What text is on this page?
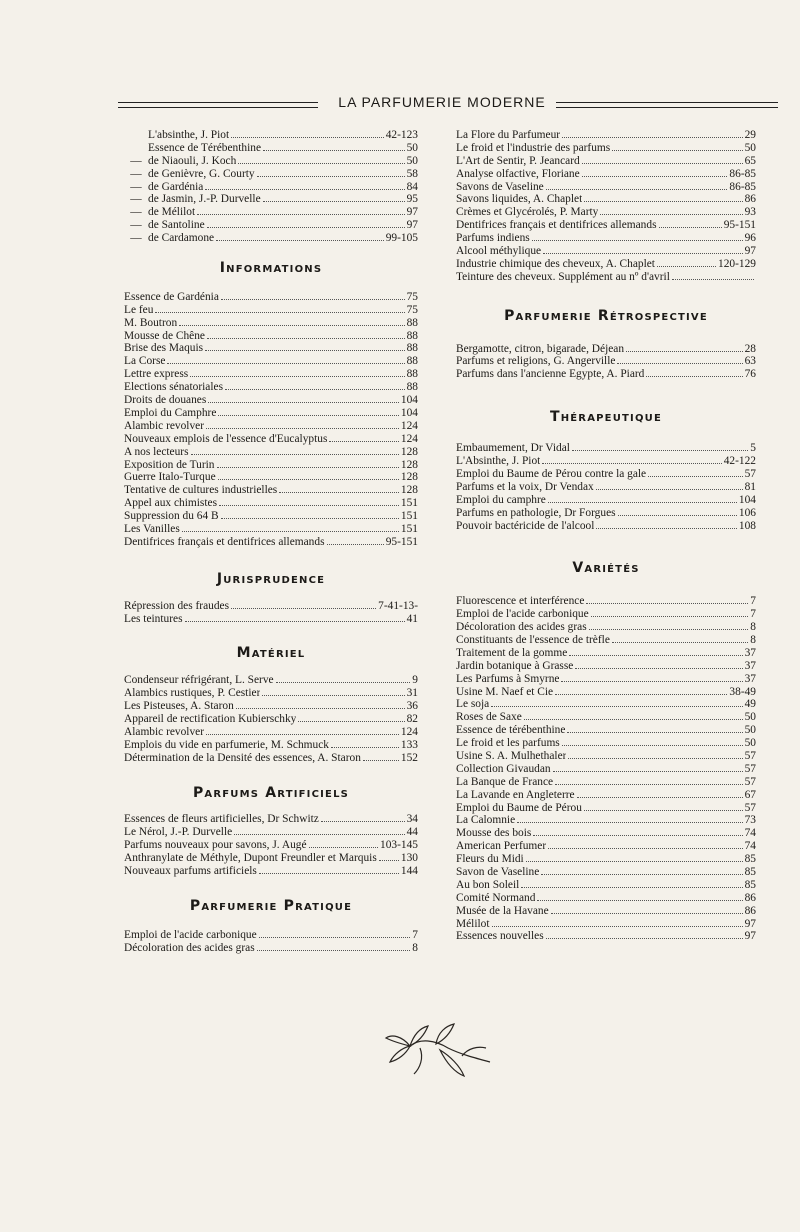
LA PARFUMERIE MODERNE
L'absinthe, J. Piot	42-123
Essence de Térébenthine	50
— de Niaouli, J. Koch	50
— de Genièvre, G. Courty	58
— de Gardénia	84
— de Jasmin, J.-P. Durvelle	95
— de Mélilot	97
— de Santoline	97
— de Cardamone	99-105
Informations
Essence de Gardénia	75
Le feu	75
M. Boutron	88
Mousse de Chêne	88
Brise des Maquis	88
La Corse	88
Lettre express	88
Elections sénatoriales	88
Droits de douanes	104
Emploi du Camphre	104
Alambic revolver	124
Nouveaux emplois de l'essence d'Eucalyptus	124
A nos lecteurs	128
Exposition de Turin	128
Guerre Italo-Turque	128
Tentative de cultures industrielles	128
Appel aux chimistes	151
Suppression du 64 B	151
Les Vanilles	151
Dentifrices français et dentifrices allemands	95-151
Jurisprudence
Répression des fraudes	7-41-13-
Les teintures	41
Matériel
Condenseur réfrigérant, L. Serve	9
Alambics rustiques, P. Cestier	31
Les Pisteuses, A. Staron	36
Appareil de rectification Kubierschky	82
Alambic revolver	124
Emplois du vide en parfumerie, M. Schmuck	133
Détermination de la Densité des essences, A. Staron	152
Parfums Artificiels
Essences de fleurs artificielles, Dr Schwitz	34
Le Nérol, J.-P. Durvelle	44
Parfums nouveaux pour savons, J. Augé	103-145
Anthranylate de Méthyle, Dupont Freundler et Marquis 130
Nouveaux parfums artificiels	144
Parfumerie Pratique
Emploi de l'acide carbonique	7
Décoloration des acides gras	8
La Flore du Parfumeur	29
Le froid et l'industrie des parfums	50
L'Art de Sentir, P. Jeancard	65
Analyse olfactive, Floriane	86-85
Savons de Vaseline	86-85
Savons liquides, A. Chaplet	86
Crèmes et Glycérolés, P. Marty	93
Dentifrices français et dentifrices allemands	95-151
Parfums indiens	96
Alcool méthylique	97
Industrie chimique des cheveux, A. Chaplet	120-129
Teinture des cheveux. Supplément au nº d'avril
Parfumerie Rétrospective
Bergamotte, citron, bigarade, Déjean	28
Parfums et religions, G. Angerville	63
Parfums dans l'ancienne Egypte, A. Piard	76
Thérapeutique
Embaumement, Dr Vidal	5
L'Absinthe, J. Piot	42-122
Emploi du Baume de Pérou contre la gale	57
Parfums et la voix, Dr Vendax	81
Emploi du camphre	104
Parfums en pathologie, Dr Forgues	106
Pouvoir bactéricide de l'alcool	108
Variétés
Fluorescence et interférence	7
Emploi de l'acide carbonique	7
Décoloration des acides gras	8
Constituants de l'essence de trèfle	8
Traitement de la gomme	37
Jardin botanique à Grasse	37
Les Parfums à Smyrne	37
Usine M. Naef et Cie	38-49
Le soja	49
Roses de Saxe	50
Essence de térébenthine	50
Le froid et les parfums	50
Usine S. A. Mulhethaler	57
Collection Givaudan	57
La Banque de France	57
La Lavande en Angleterre	67
Emploi du Baume de Pérou	57
La Calomnie	73
Mousse des bois	74
American Perfumer	74
Fleurs du Midi	85
Savon de Vaseline	85
Au bon Soleil	85
Comité Normand	86
Musée de la Havane	86
Mélilot	97
Essences nouvelles	97
